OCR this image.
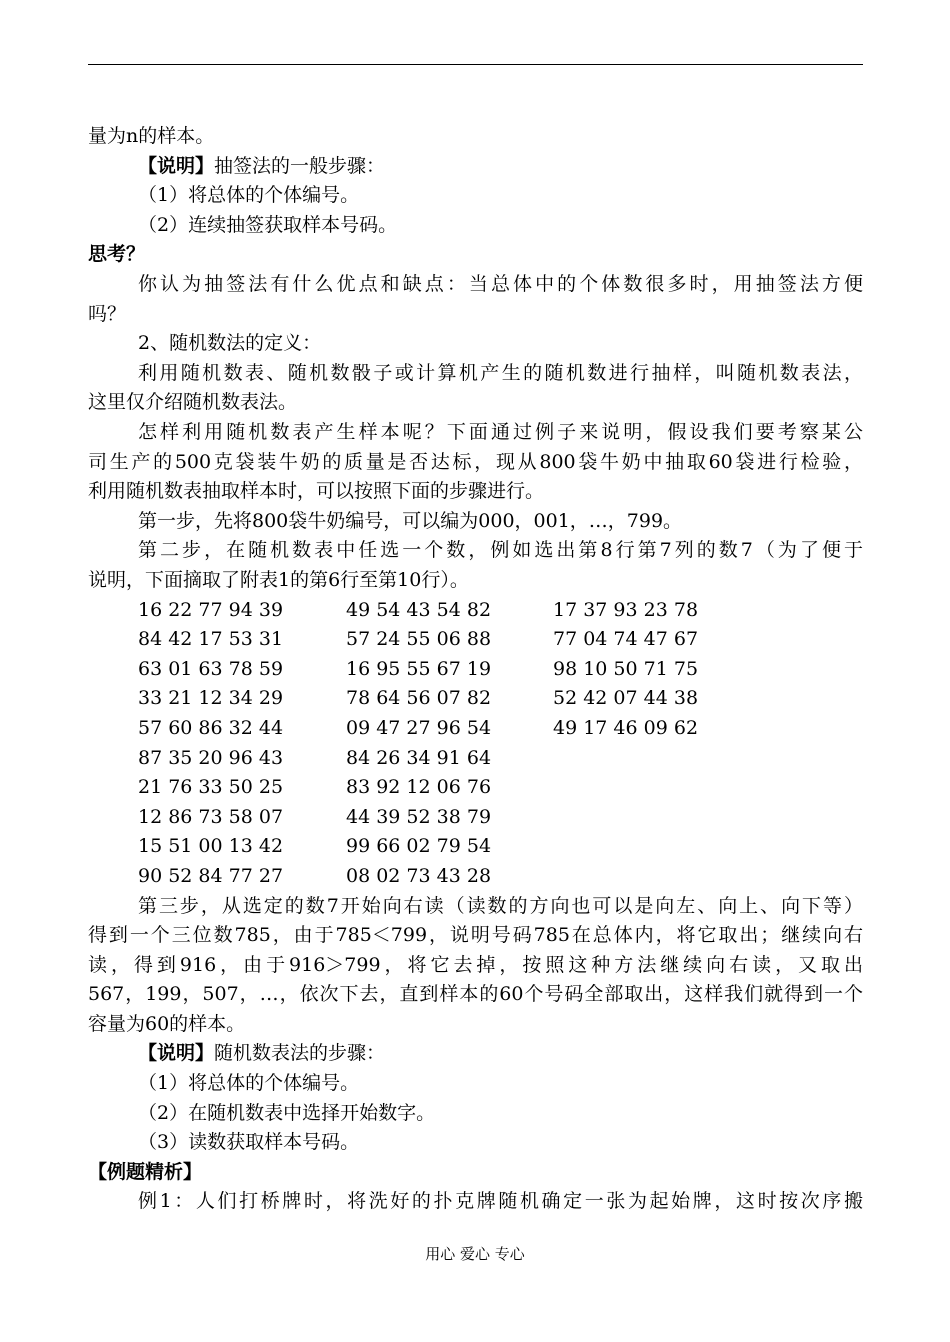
量为n的样本。
【说明】抽签法的一般步骤：
（1）将总体的个体编号。
（2）连续抽签获取样本号码。
思考？
你认为抽签法有什么优点和缺点：当总体中的个体数很多时，用抽签法方便
吗？
2、随机数法的定义：
利用随机数表、随机数骰子或计算机产生的随机数进行抽样，叫随机数表法，
这里仅介绍随机数表法。
怎样利用随机数表产生样本呢？下面通过例子来说明，假设我们要考察某公
司生产的500克袋装牛奶的质量是否达标，现从800袋牛奶中抽取60袋进行检验，
利用随机数表抽取样本时，可以按照下面的步骤进行。
第一步，先将800袋牛奶编号，可以编为000，001，…，799。
第二步，在随机数表中任选一个数，例如选出第8行第7列的数7（为了便于
说明，下面摘取了附表1的第6行至第10行）。
16 22 77 94 39
84 42 17 53 31
63 01 63 78 59
33 21 12 34 29
57 60 86 32 44
87 35 20 96 43
21 76 33 50 25
12 86 73 58 07
15 51 00 13 42
90 52 84 77 27
49 54 43 54 82
57 24 55 06 88
16 95 55 67 19
78 64 56 07 82
09 47 27 96 54
84 26 34 91 64
83 92 12 06 76
44 39 52 38 79
99 66 02 79 54
08 02 73 43 28
17 37 93 23 78
77 04 74 47 67
98 10 50 71 75
52 42 07 44 38
49 17 46 09 62
第三步，从选定的数7开始向右读（读数的方向也可以是向左、向上、向下等）
得到一个三位数785，由于785＜799，说明号码785在总体内，将它取出；继续向右
读，得到916，由于916＞799，将它去掉，按照这种方法继续向右读，又取出
567，199，507，…，依次下去，直到样本的60个号码全部取出，这样我们就得到一个
容量为60的样本。
【说明】随机数表法的步骤：
（1）将总体的个体编号。
（2）在随机数表中选择开始数字。
（3）读数获取样本号码。
【例题精析】
例1：人们打桥牌时，将洗好的扑克牌随机确定一张为起始牌，这时按次序搬
用心 爱心 专心
